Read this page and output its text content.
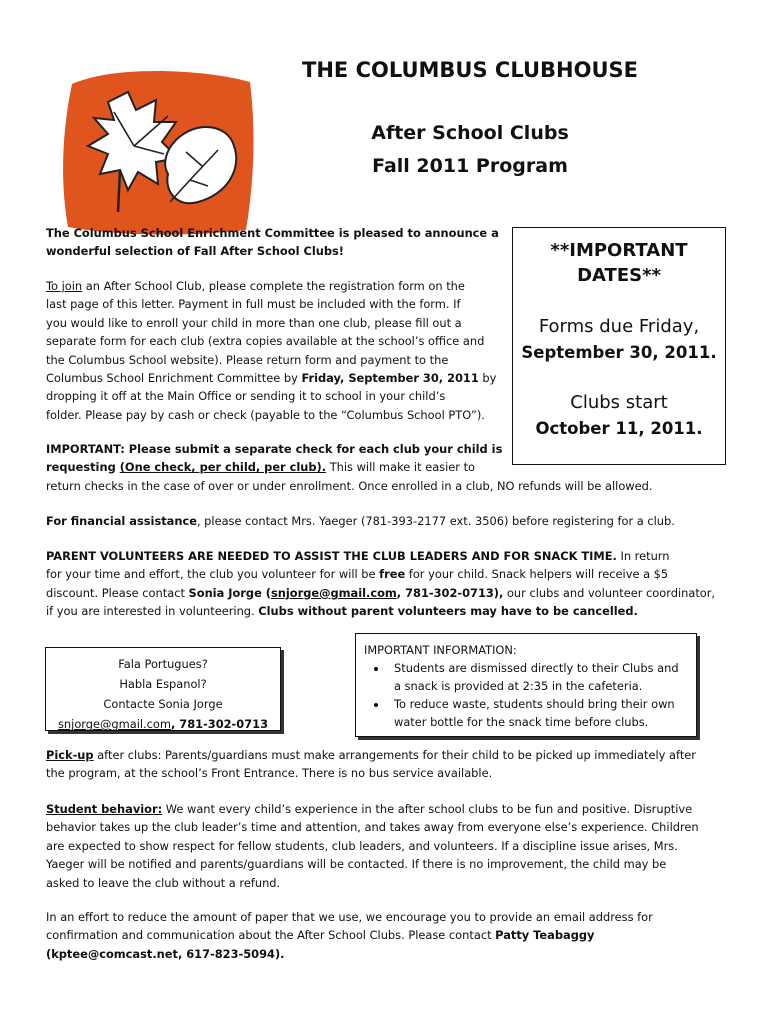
THE COLUMBUS CLUBHOUSE
After School Clubs
Fall 2011 Program
The Columbus School Enrichment Committee is pleased to announce a
wonderful selection of Fall After School Clubs!
To join an After School Club, please complete the registration form on the
last page of this letter. Payment in full must be included with the form. If
you would like to enroll your child in more than one club, please fill out a
separate form for each club (extra copies available at the school’s office and
the Columbus School website). Please return form and payment to the
Columbus School Enrichment Committee by Friday, September 30, 2011 by
dropping it off at the Main Office or sending it to school in your child’s
folder. Please pay by cash or check (payable to the “Columbus School PTO”).
**IMPORTANT
DATES**
Forms due Friday,
September 30, 2011.
Clubs start
October 11, 2011.
IMPORTANT: Please submit a separate check for each club your child is
requesting (One check, per child, per club). This will make it easier to
return checks in the case of over or under enrollment. Once enrolled in a club, NO refunds will be allowed.
For financial assistance, please contact Mrs. Yaeger (781-393-2177 ext. 3506) before registering for a club.
PARENT VOLUNTEERS ARE NEEDED TO ASSIST THE CLUB LEADERS AND FOR SNACK TIME. In return
for your time and effort, the club you volunteer for will be free for your child. Snack helpers will receive a $5
discount. Please contact Sonia Jorge (snjorge@gmail.com, 781-302-0713), our clubs and volunteer coordinator,
if you are interested in volunteering. Clubs without parent volunteers may have to be cancelled.
Fala Portugues?
Habla Espanol?
Contacte Sonia Jorge
snjorge@gmail.com, 781-302-0713
IMPORTANT INFORMATION:
• Students are dismissed directly to their Clubs and
a snack is provided at 2:35 in the cafeteria.
• To reduce waste, students should bring their own
water bottle for the snack time before clubs.
Pick-up after clubs: Parents/guardians must make arrangements for their child to be picked up immediately after
the program, at the school’s Front Entrance. There is no bus service available.
Student behavior: We want every child’s experience in the after school clubs to be fun and positive. Disruptive
behavior takes up the club leader’s time and attention, and takes away from everyone else’s experience. Children
are expected to show respect for fellow students, club leaders, and volunteers. If a discipline issue arises, Mrs.
Yaeger will be notified and parents/guardians will be contacted. If there is no improvement, the child may be
asked to leave the club without a refund.
In an effort to reduce the amount of paper that we use, we encourage you to provide an email address for
confirmation and communication about the After School Clubs. Please contact Patty Teabaggy
(kptee@comcast.net, 617-823-5094).
